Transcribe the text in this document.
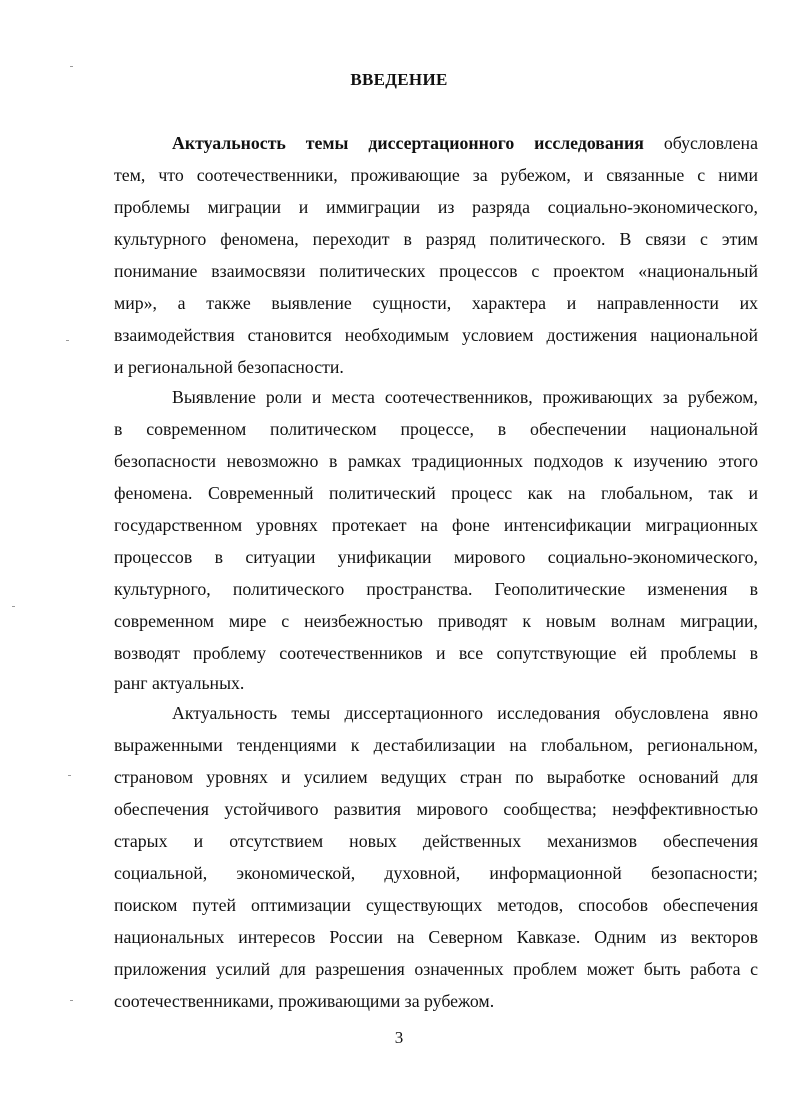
ВВЕДЕНИЕ
Актуальность темы диссертационного исследования обусловлена
тем, что соотечественники, проживающие за рубежом, и связанные с ними
проблемы миграции и иммиграции из разряда социально-экономического,
культурного феномена, переходит в разряд политического. В связи с этим
понимание взаимосвязи политических процессов с проектом «национальный
мир», а также выявление сущности, характера и направленности их
взаимодействия становится необходимым условием достижения национальной
и региональной безопасности.
Выявление роли и места соотечественников, проживающих за рубежом,
в современном политическом процессе, в обеспечении национальной
безопасности невозможно в рамках традиционных подходов к изучению этого
феномена. Современный политический процесс как на глобальном, так и
государственном уровнях протекает на фоне интенсификации миграционных
процессов в ситуации унификации мирового социально-экономического,
культурного, политического пространства. Геополитические изменения в
современном мире с неизбежностью приводят к новым волнам миграции,
возводят проблему соотечественников и все сопутствующие ей проблемы в
ранг актуальных.
Актуальность темы диссертационного исследования обусловлена явно
выраженными тенденциями к дестабилизации на глобальном, региональном,
страновом уровнях и усилием ведущих стран по выработке оснований для
обеспечения устойчивого развития мирового сообщества; неэффективностью
старых и отсутствием новых действенных механизмов обеспечения
социальной, экономической, духовной, информационной безопасности;
поиском путей оптимизации существующих методов, способов обеспечения
национальных интересов России на Северном Кавказе. Одним из векторов
приложения усилий для разрешения означенных проблем может быть работа с
соотечественниками, проживающими за рубежом.
3
